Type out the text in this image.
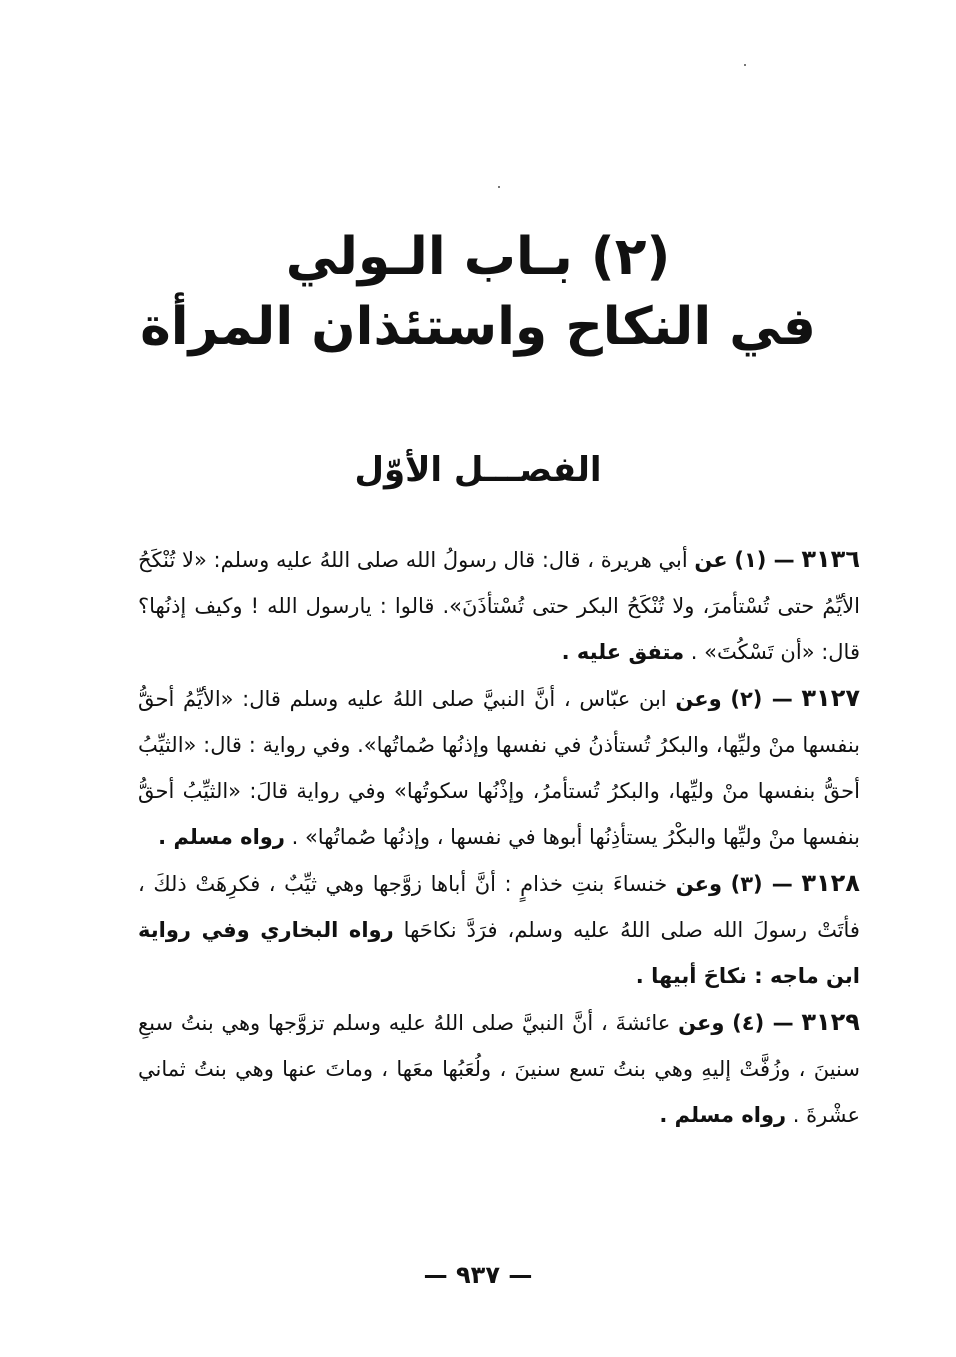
(٢) بـاب الـولي
في النكاح واستئذان المرأة
الفصـــل الأوّل

٣١٣٦ — (١) عن أبي هريرة ، قال: قال رسولُ الله صلى اللهُ عليه وسلم: «لا تُنْكَحُ الأيِّمُ حتى تُسْتأمرَ، ولا تُنْكَحُ البكر حتى تُسْتأذَنَ». قالوا : يارسول الله ! وكيف إذنُها؟ قال: «أن تَسْكُتَ» . متفق عليه .

٣١٢٧ — (٢) وعن ابن عبّاس ، أنَّ النبيَّ صلى اللهُ عليه وسلم قال: «الأيِّمُ أحقُّ بنفسها منْ وليِّها، والبكرُ تُستأذنُ في نفسها وإذنُها صُماتُها». وفي رواية : قال: «الثيِّبُ أحقُّ بنفسها منْ وليِّها، والبكرُ تُستأمرُ، وإذْنُها سكوتُها» وفي رواية قالَ: «الثيِّبُ أحقُّ بنفسها منْ وليِّها والبكْرُ يستأذِنُها أبوها في نفسها ، وإذنُها صُماتُها» . رواه مسلم .

٣١٢٨ — (٣) وعن خنساءَ بنتِ خذامٍ : أنَّ أباها زوَّجها وهي ثيِّبٌ ، فكرِهَتْ ذلكَ ، فأتَتْ رسولَ الله صلى اللهُ عليه وسلم، فرَدَّ نكاحَها رواه البخاري وفي رواية ابن ماجه : نكاحَ أبيها .

٣١٢٩ — (٤) وعن عائشةَ ، أنَّ النبيَّ صلى اللهُ عليه وسلم تزوَّجها وهي بنتُ سبعِ سنينَ ، وزُفَّتْ إليهِ وهي بنتُ تسع سنينَ ، ولُعَبُها معَها ، وماتَ عنها وهي بنتُ ثماني عشْرةَ . رواه مسلم .

— ٩٣٧ —
